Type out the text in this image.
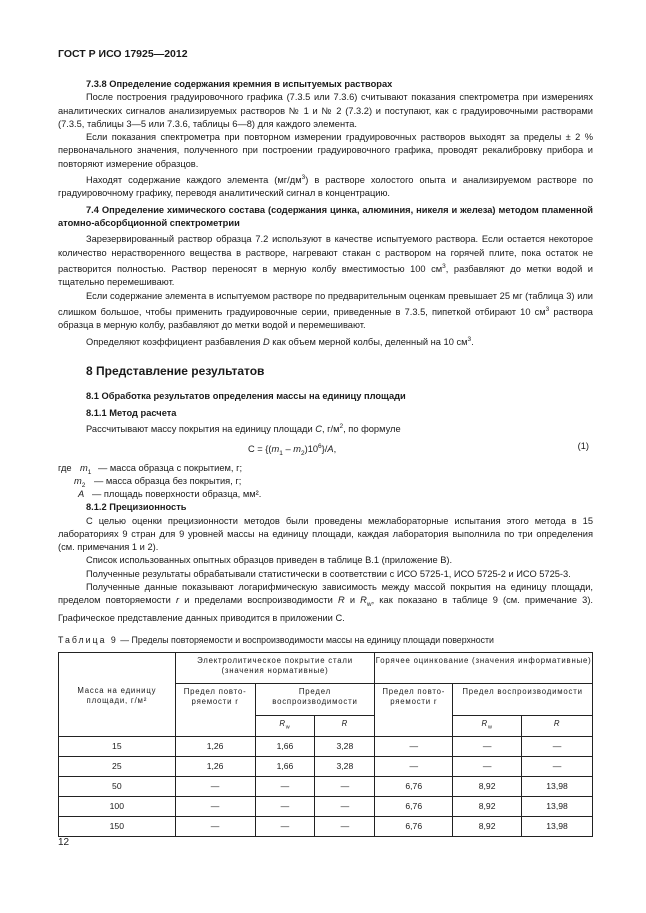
ГОСТ Р ИСО 17925—2012

7.3.8 Определение содержания кремния в испытуемых растворах

После построения градуировочного графика (7.3.5 или 7.3.6) считывают показания спектрометра при измерениях аналитических сигналов анализируемых растворов № 1 и № 2 (7.3.2) и поступают, как с градуировочными растворами (7.3.5, таблицы 3—5 или 7.3.6, таблицы 6—8) для каждого элемента.

Если показания спектрометра при повторном измерении градуировочных растворов выходят за пределы ± 2 % первоначального значения, полученного при построении градуировочного графика, проводят рекалибровку прибора и повторяют измерение образцов.

Находят содержание каждого элемента $(мг/дм^3)$ в растворе холостого опыта и анализируемом растворе по градуировочному графику, переводя аналитический сигнал в концентрацию.

7.4 Определение химического состава (содержания цинка, алюминия, никеля и железа) методом пламенной атомно-абсорбционной спектрометрии

Зарезервированный раствор образца 7.2 используют в качестве испытуемого раствора. Если остается некоторое количество нерастворенного вещества в растворе, нагревают стакан с раствором на горячей плите, пока остаток не растворится полностью. Раствор переносят в мерную колбу вместимостью 100 $см^3$, разбавляют до метки водой и тщательно перемешивают.

Если содержание элемента в испытуемом растворе по предварительным оценкам превышает 25 мг (таблица 3) или слишком большое, чтобы применить градуировочные серии, приведенные в 7.3.5, пипеткой отбирают 10 $см^3$ раствора образца в мерную колбу, разбавляют до метки водой и перемешивают.

Определяют коэффициент разбавления D как объем мерной колбы, деленный на 10 $см^3$.

8 Представление результатов

8.1 Обработка результатов определения массы на единицу площади

8.1.1 Метод расчета

Рассчитывают массу покрытия на единицу площади С, $г/м^2$, по формуле

$С = \{(m_1 - m_2)10^6\}/А$,	(1)
где $m_1$ — масса образца с покрытием, г;
$m_2$ — масса образца без покрытия, г;
А — площадь поверхности образца, мм².

8.1.2 Прецизионность

С целью оценки прецизионности методов были проведены межлабораторные испытания этого метода в 15 лабораториях 9 стран для 9 уровней массы на единицу площади, каждая лаборатория выполнила по три определения (см. примечания 1 и 2).

Список использованных опытных образцов приведен в таблице В.1 (приложение В).

Полученные результаты обрабатывали статистически в соответствии с ИСО 5725-1, ИСО 5725-2 и ИСО 5725-3.

Полученные данные показывают логарифмическую зависимость между массой покрытия на единицу площади, пределом повторяемости r и пределами воспроизводимости R и $R_w$, как показано в таблице 9 (см. примечание 3). Графическое представление данных приводится в приложении С.

Таблица 9 — Пределы повторяемости и воспроизводимости массы на единицу площади поверхности

Масса на единицу площади, г/м²	Электролитическое покрытие стали (значения нормативные)			Горячее оцинкование (значения информативные)		
	Предел повто-ряемости r	Предел воспроизводимости		Предел повто-ряемости r	Предел воспроизводимости	
		$R_w$	R		$R_w$	R
15	1,26	1,66	3,28	—	—	—
25	1,26	1,66	3,28	—	—	—
50	—	—	—	6,76	8,92	13,98
100	—	—	—	6,76	8,92	13,98
150	—	—	—	6,76	8,92	13,98
12
